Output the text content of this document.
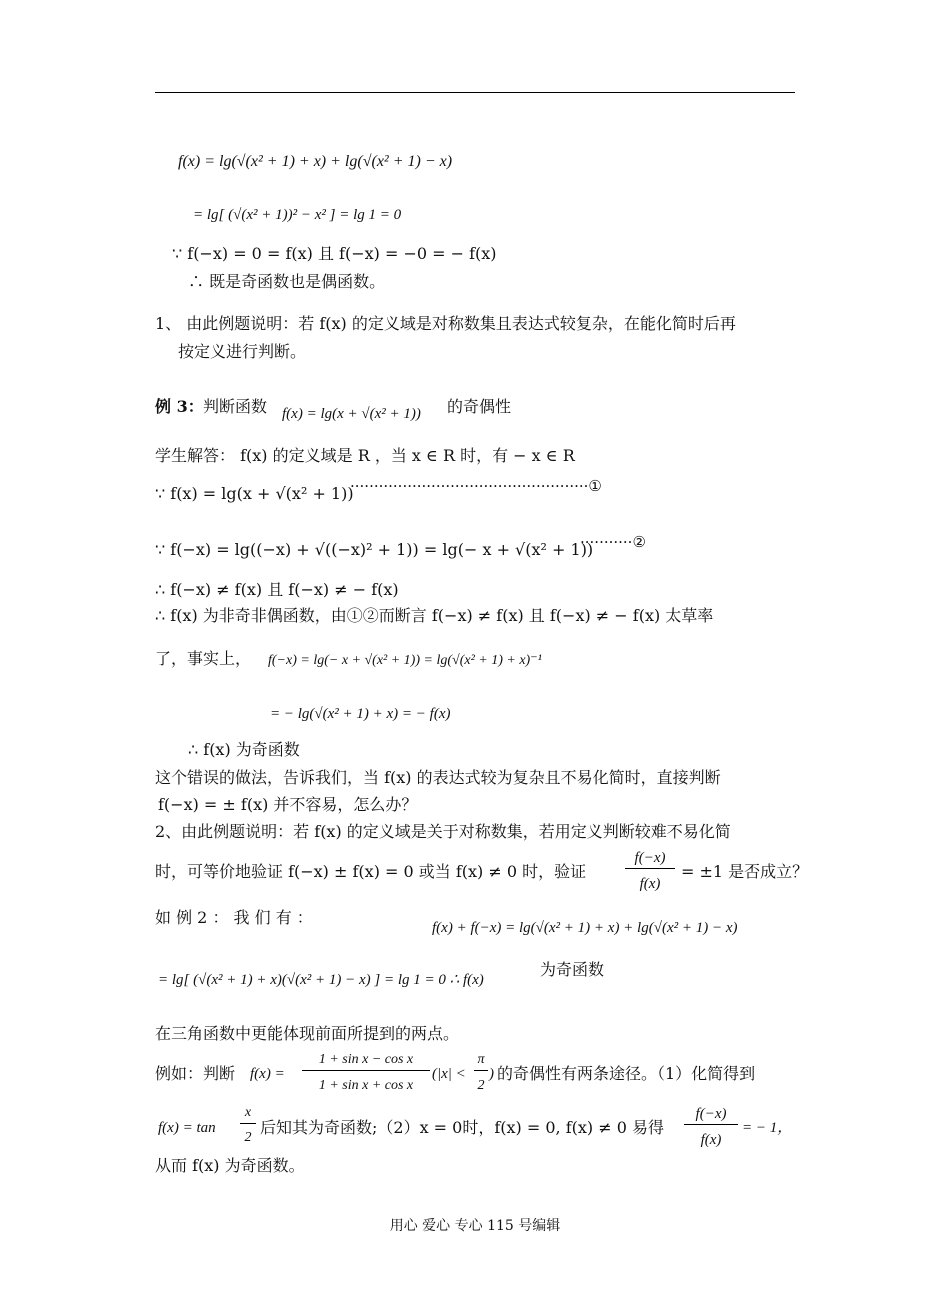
f(x) = lg(√(x² + 1) + x) + lg(√(x² + 1) − x)
= lg[ (√(x² + 1))² − x² ] = lg 1 = 0
∵ f(−x) = 0 = f(x) 且 f(−x) = −0 = − f(x)
∴ 既是奇函数也是偶函数。
1、 由此例题说明：若 f(x) 的定义域是对称数集且表达式较复杂，在能化简时后再
按定义进行判断。
例 3： 判断函数 f(x) = lg(x + √(x² + 1)) 的奇偶性
学生解答： f(x) 的定义域是 R ，当 x ∈ R 时，有 − x ∈ R
∵ f(x) = lg(x + √(x² + 1))
··················································①
∵ f(−x) = lg((−x) + √((−x)² + 1)) = lg(− x + √(x² + 1))
···········②
∴ f(−x) ≠ f(x) 且 f(−x) ≠ − f(x)
∴ f(x) 为非奇非偶函数，由①②而断言 f(−x) ≠ f(x) 且 f(−x) ≠ − f(x) 太草率
了，事实上， f(−x) = lg(− x + √(x² + 1)) = lg(√(x² + 1) + x)⁻¹
= − lg(√(x² + 1) + x) = − f(x)
∴ f(x) 为奇函数
这个错误的做法，告诉我们，当 f(x) 的表达式较为复杂且不易化简时，直接判断
f(−x) = ± f(x) 并不容易，怎么办？
2、由此例题说明：若 f(x) 的定义域是关于对称数集，若用定义判断较难不易化简
时，可等价地验证 f(−x) ± f(x) = 0 或当 f(x) ≠ 0 时，验证
f(−x)
f(x)
= ±1 是否成立？
如 例 2 ： 我 们 有 ：
f(x) + f(−x) = lg(√(x² + 1) + x) + lg(√(x² + 1) − x)
= lg[ (√(x² + 1) + x)(√(x² + 1) − x) ] = lg 1 = 0 ∴ f(x)
为奇函数
在三角函数中更能体现前面所提到的两点。
例如：判断 f(x) =
1 + sin x − cos x
1 + sin x + cos x
(|x| <
π
2
) 的奇偶性有两条途径。（1）化简得到
f(x) = tan
x
2
后知其为奇函数;（2）x = 0时，f(x) = 0, f(x) ≠ 0 易得
f(−x)
f(x)
= − 1，
从而 f(x) 为奇函数。
用心 爱心 专心 115 号编辑
